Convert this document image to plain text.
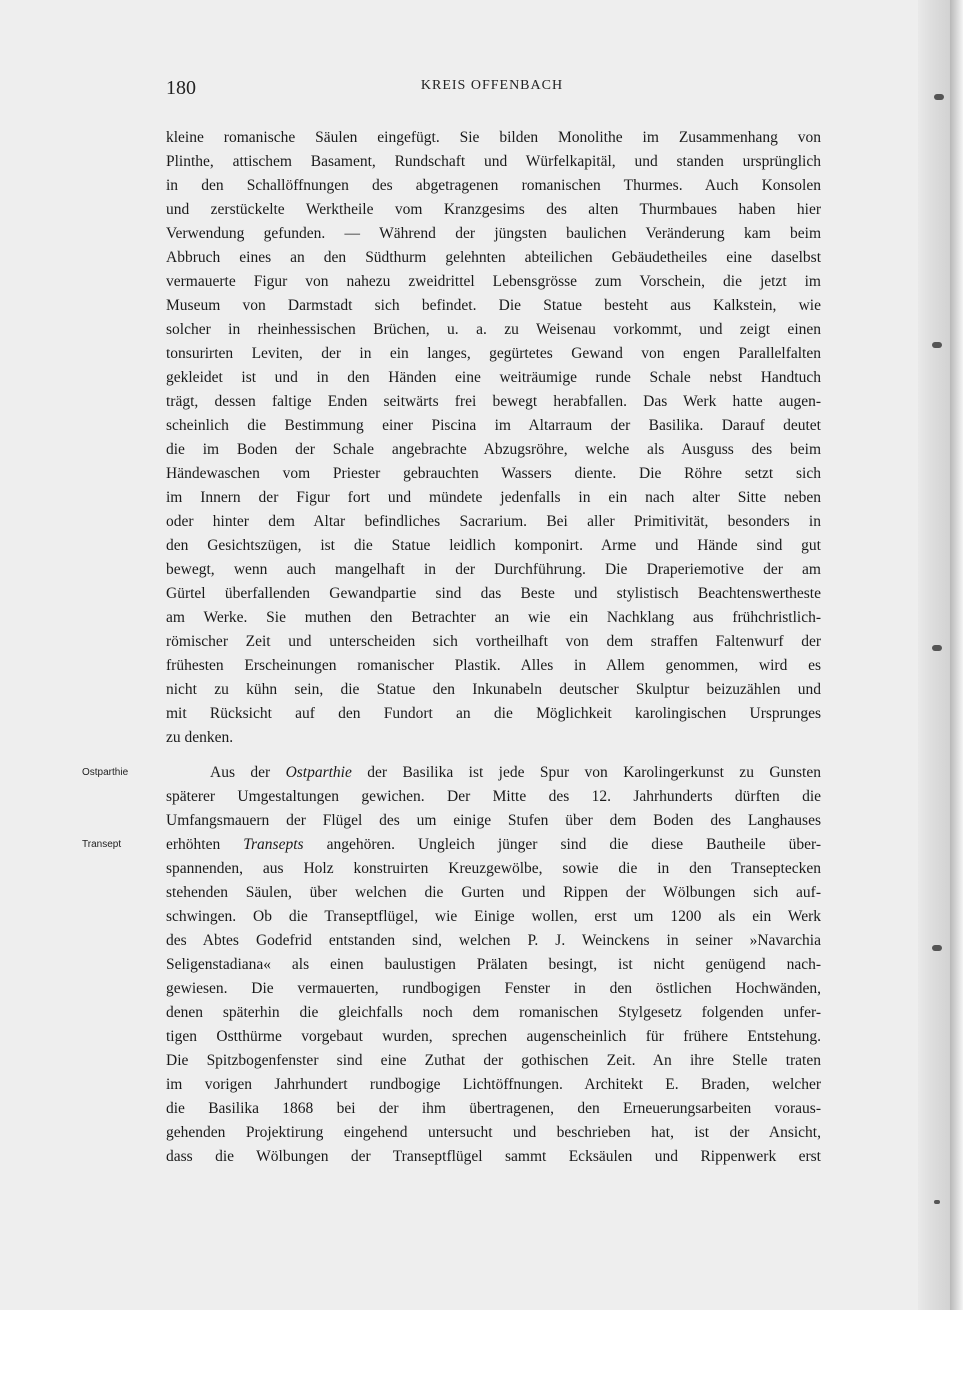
180	KREIS OFFENBACH
kleine romanische Säulen eingefügt. Sie bilden Monolithe im Zusammenhang von
Plinthe, attischem Basament, Rundschaft und Würfelkapitäl, und standen ursprünglich
in den Schallöffnungen des abgetragenen romanischen Thurmes. Auch Konsolen
und zerstückelte Werktheile vom Kranzgesims des alten Thurmbaues haben hier
Verwendung gefunden. — Während der jüngsten baulichen Veränderung kam beim
Abbruch eines an den Südthurm gelehnten abteilichen Gebäudetheiles eine daselbst
vermauerte Figur von nahezu zweidrittel Lebensgrösse zum Vorschein, die jetzt im
Museum von Darmstadt sich befindet. Die Statue besteht aus Kalkstein, wie
solcher in rheinhessischen Brüchen, u. a. zu Weisenau vorkommt, und zeigt einen
tonsurirten Leviten, der in ein langes, gegürtetes Gewand von engen Parallelfalten
gekleidet ist und in den Händen eine weiträumige runde Schale nebst Handtuch
trägt, dessen faltige Enden seitwärts frei bewegt herabfallen. Das Werk hatte augen-
scheinlich die Bestimmung einer Piscina im Altarraum der Basilika. Darauf deutet
die im Boden der Schale angebrachte Abzugsröhre, welche als Ausguss des beim
Händewaschen vom Priester gebrauchten Wassers diente. Die Röhre setzt sich
im Innern der Figur fort und mündete jedenfalls in ein nach alter Sitte neben
oder hinter dem Altar befindliches Sacrarium. Bei aller Primitivität, besonders in
den Gesichtszügen, ist die Statue leidlich komponirt. Arme und Hände sind gut
bewegt, wenn auch mangelhaft in der Durchführung. Die Draperiemotive der am
Gürtel überfallenden Gewandpartie sind das Beste und stylistisch Beachtenswertheste
am Werke. Sie muthen den Betrachter an wie ein Nachklang aus frühchristlich-
römischer Zeit und unterscheiden sich vortheilhaft von dem straffen Faltenwurf der
frühesten Erscheinungen romanischer Plastik. Alles in Allem genommen, wird es
nicht zu kühn sein, die Statue den Inkunabeln deutscher Skulptur beizuzählen und
mit Rücksicht auf den Fundort an die Möglichkeit karolingischen Ursprunges
zu denken.
Ostparthie
Transept
Aus der Ostparthie der Basilika ist jede Spur von Karolingerkunst zu Gunsten
späterer Umgestaltungen gewichen. Der Mitte des 12. Jahrhunderts dürften die
Umfangsmauern der Flügel des um einige Stufen über dem Boden des Langhauses
erhöhten Transepts angehören. Ungleich jünger sind die diese Bautheile über-
spannenden, aus Holz konstruirten Kreuzgewölbe, sowie die in den Transeptecken
stehenden Säulen, über welchen die Gurten und Rippen der Wölbungen sich auf-
schwingen. Ob die Transeptflügel, wie Einige wollen, erst um 1200 als ein Werk
des Abtes Godefrid entstanden sind, welchen P. J. Weinckens in seiner »Navarchia
Seligenstadiana« als einen baulustigen Prälaten besingt, ist nicht genügend nach-
gewiesen. Die vermauerten, rundbogigen Fenster in den östlichen Hochwänden,
denen späterhin die gleichfalls noch dem romanischen Stylgesetz folgenden unfer-
tigen Ostthürme vorgebaut wurden, sprechen augenscheinlich für frühere Entstehung.
Die Spitzbogenfenster sind eine Zuthat der gothischen Zeit. An ihre Stelle traten
im vorigen Jahrhundert rundbogige Lichtöffnungen. Architekt E. Braden, welcher
die Basilika 1868 bei der ihm übertragenen, den Erneuerungsarbeiten voraus-
gehenden Projektirung eingehend untersucht und beschrieben hat, ist der Ansicht,
dass die Wölbungen der Transeptflügel sammt Ecksäulen und Rippenwerk erst
